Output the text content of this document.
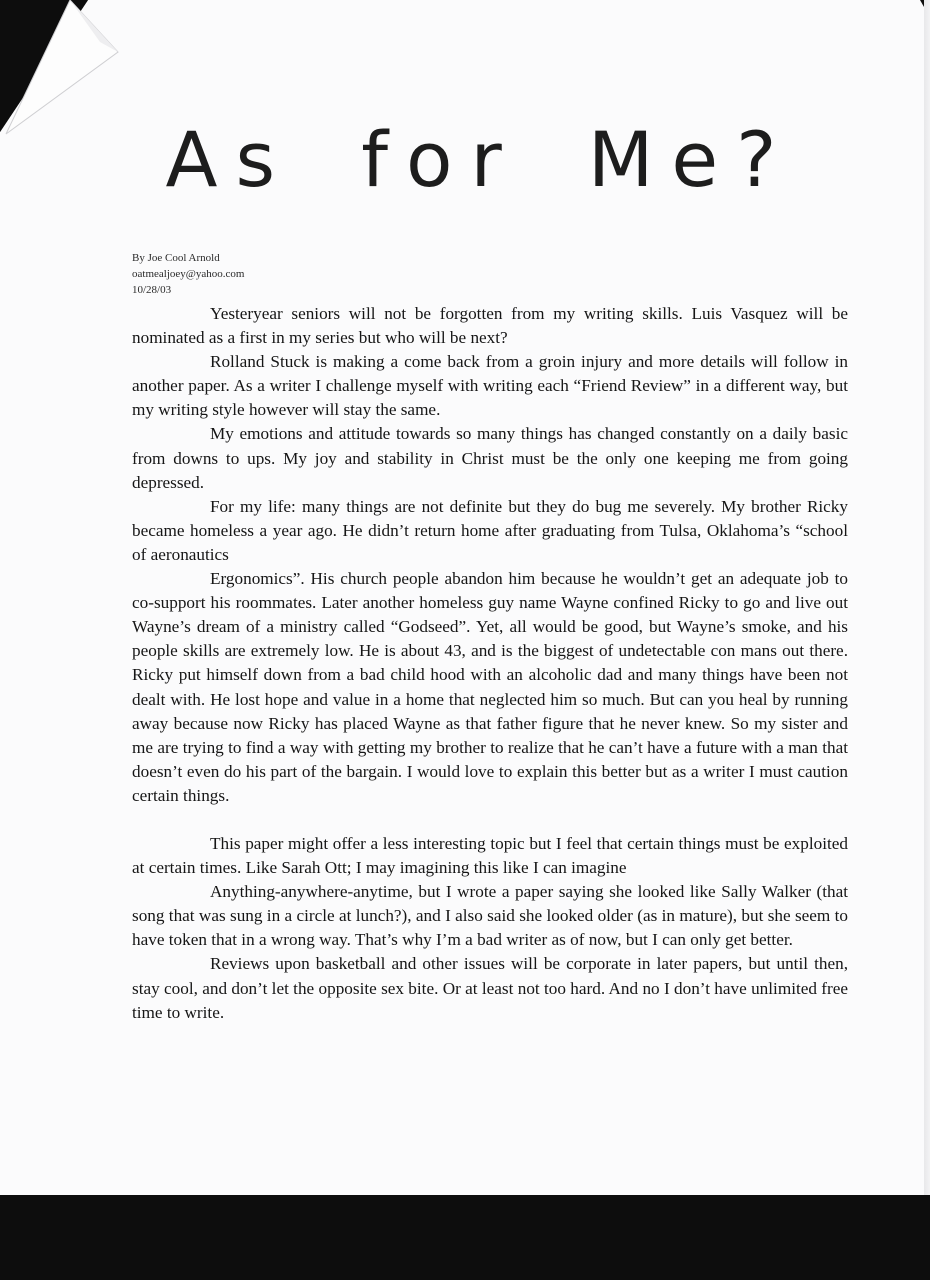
As for Me?
By Joe Cool Arnold
oatmealjoey@yahoo.com
10/28/03

Yesteryear seniors will not be forgotten from my writing skills. Luis Vasquez will be nominated as a first in my series but who will be next?

Rolland Stuck is making a come back from a groin injury and more details will follow in another paper. As a writer I challenge myself with writing each “Friend Review” in a different way, but my writing style however will stay the same.

My emotions and attitude towards so many things has changed constantly on a daily basic from downs to ups. My joy and stability in Christ must be the only one keeping me from going depressed.

For my life: many things are not definite but they do bug me severely. My brother Ricky became homeless a year ago. He didn’t return home after graduating from Tulsa, Oklahoma’s “school of aeronautics

Ergonomics”. His church people abandon him because he wouldn’t get an adequate job to co-support his roommates. Later another homeless guy name Wayne confined Ricky to go and live out Wayne’s dream of a ministry called “Godseed”. Yet, all would be good, but Wayne’s smoke, and his people skills are extremely low. He is about 43, and is the biggest of undetectable con mans out there. Ricky put himself down from a bad child hood with an alcoholic dad and many things have been not dealt with. He lost hope and value in a home that neglected him so much. But can you heal by running away because now Ricky has placed Wayne as that father figure that he never knew. So my sister and me are trying to find a way with getting my brother to realize that he can’t have a future with a man that doesn’t even do his part of the bargain. I would love to explain this better but as a writer I must caution certain things.

This paper might offer a less interesting topic but I feel that certain things must be exploited at certain times. Like Sarah Ott; I may imagining this like I can imagine

Anything-anywhere-anytime, but I wrote a paper saying she looked like Sally Walker (that song that was sung in a circle at lunch?), and I also said she looked older (as in mature), but she seem to have token that in a wrong way. That’s why I’m a bad writer as of now, but I can only get better.

Reviews upon basketball and other issues will be corporate in later papers, but until then, stay cool, and don’t let the opposite sex bite. Or at least not too hard. And no I don’t have unlimited free time to write.
